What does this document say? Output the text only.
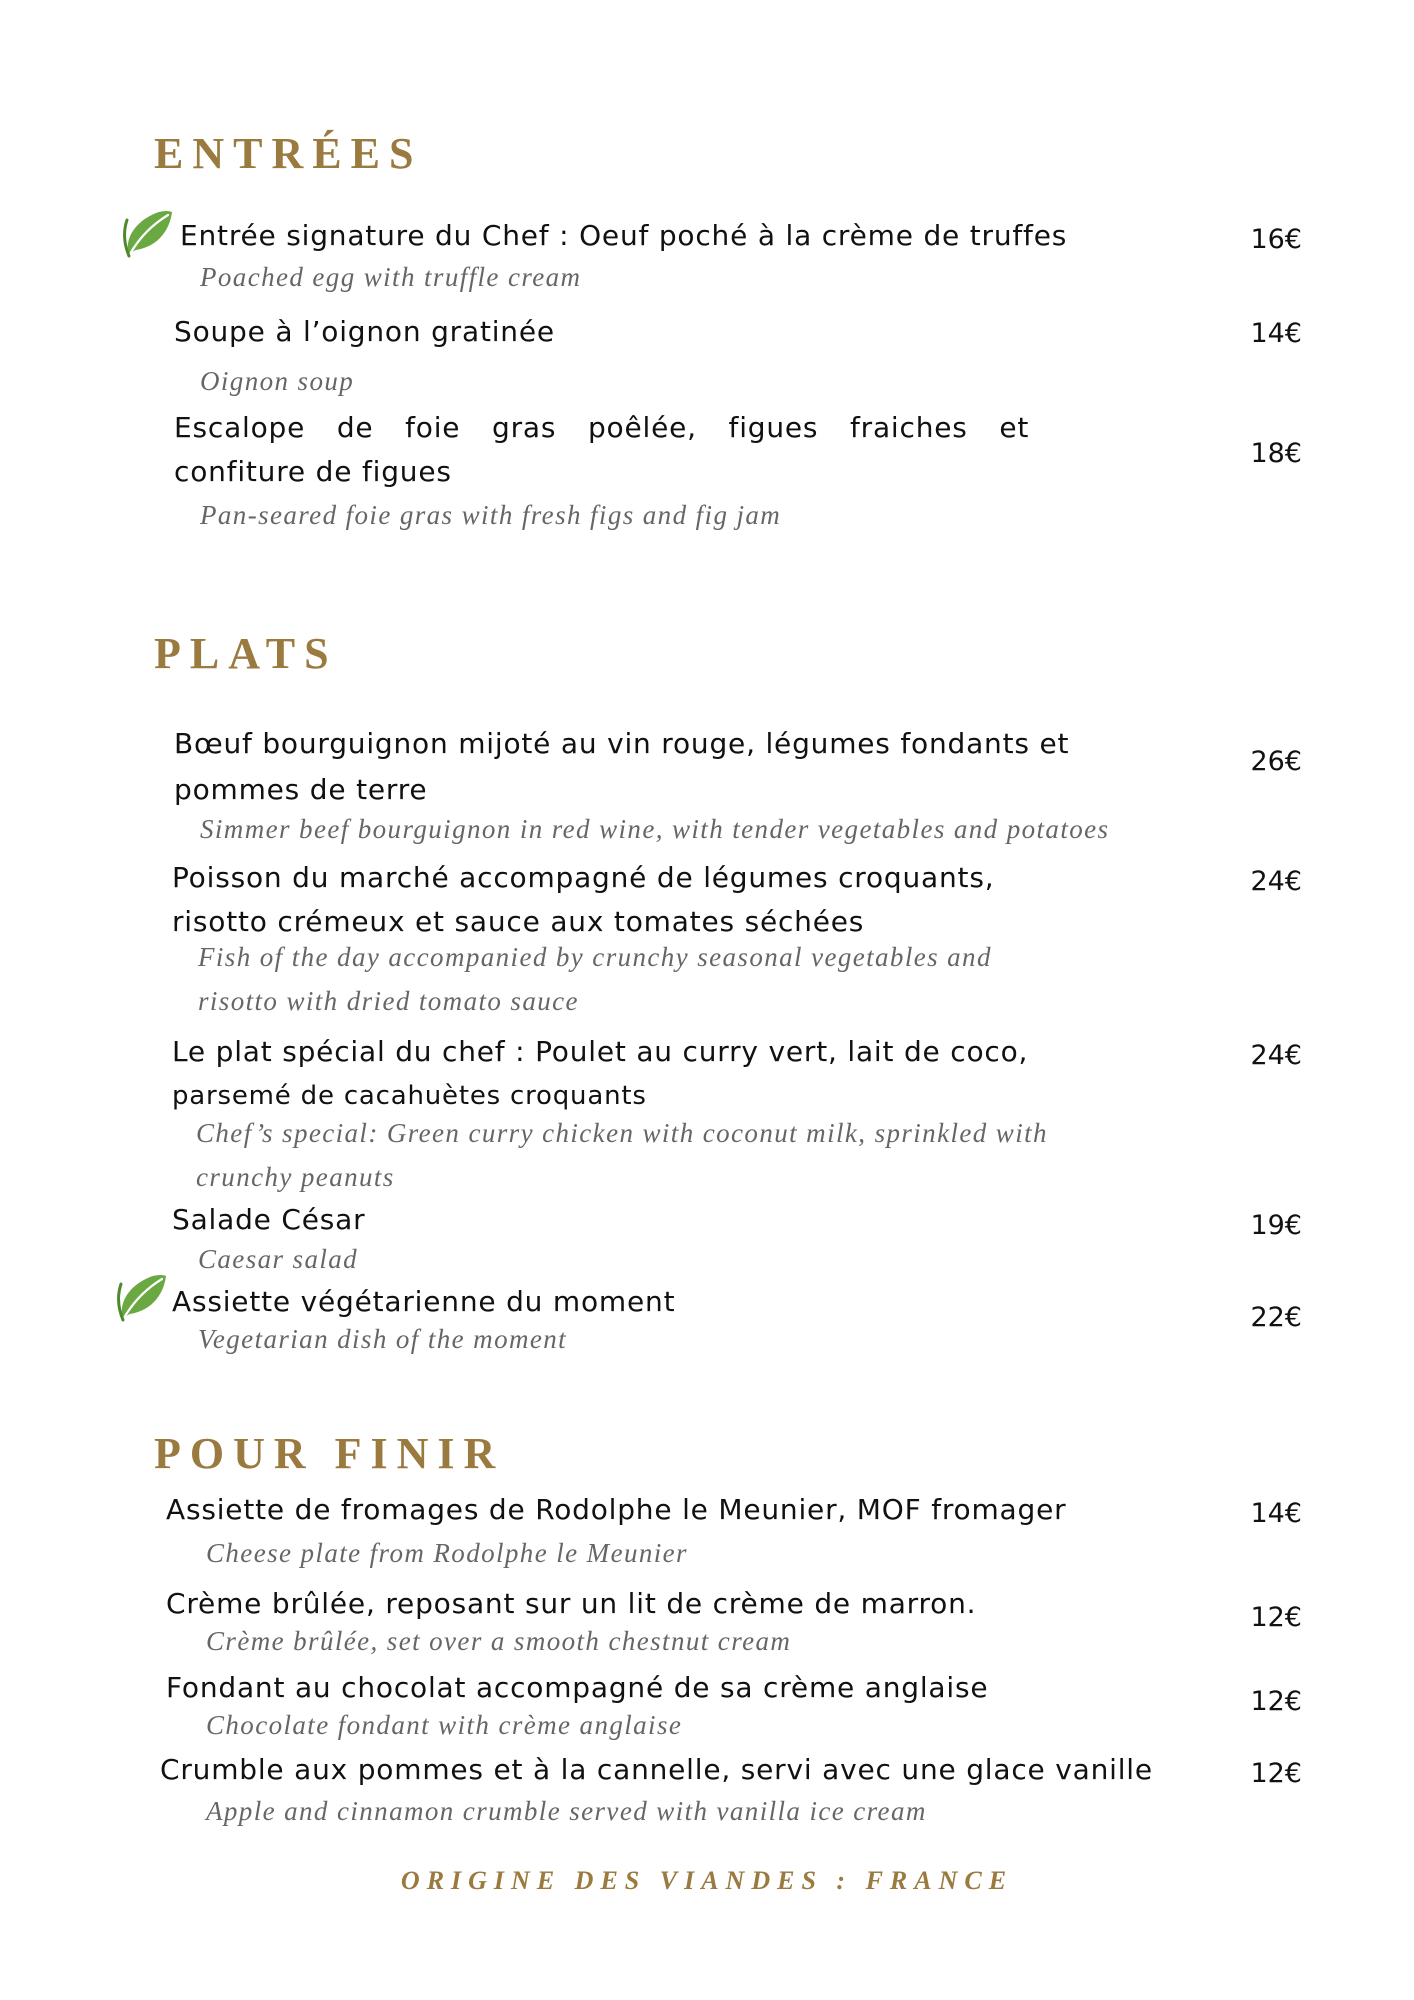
ENTRÉES

Entrée signature du Chef : Oeuf poché à la crème de truffes

Poached egg with truffle cream

16€

Soupe à l’oignon gratinée

Oignon soup

14€

Escalope de foie gras poêlée, figues fraiches et

confiture de figues

Pan-seared foie gras with fresh figs and fig jam

18€

PLATS

Bœuf bourguignon mijoté au vin rouge, légumes fondants et

pommes de terre

Simmer beef bourguignon in red wine, with tender vegetables and potatoes

26€

Poisson du marché accompagné de légumes croquants,

risotto crémeux et sauce aux tomates séchées

Fish of the day accompanied by crunchy seasonal vegetables and

risotto with dried tomato sauce

24€

Le plat spécial du chef : Poulet au curry vert, lait de coco,

parsemé de cacahuètes croquants

Chef’s special: Green curry chicken with coconut milk, sprinkled with

crunchy peanuts

24€

Salade César

Caesar salad

19€

Assiette végétarienne du moment

Vegetarian dish of the moment

22€

POUR FINIR

Assiette de fromages de Rodolphe le Meunier, MOF fromager

Cheese plate from Rodolphe le Meunier

14€

Crème brûlée, reposant sur un lit de crème de marron.

Crème brûlée, set over a smooth chestnut cream

12€

Fondant au chocolat accompagné de sa crème anglaise

Chocolate fondant with crème anglaise

12€

Crumble aux pommes et à la cannelle, servi avec une glace vanille

Apple and cinnamon crumble served with vanilla ice cream

12€

ORIGINE DES VIANDES : FRANCE
